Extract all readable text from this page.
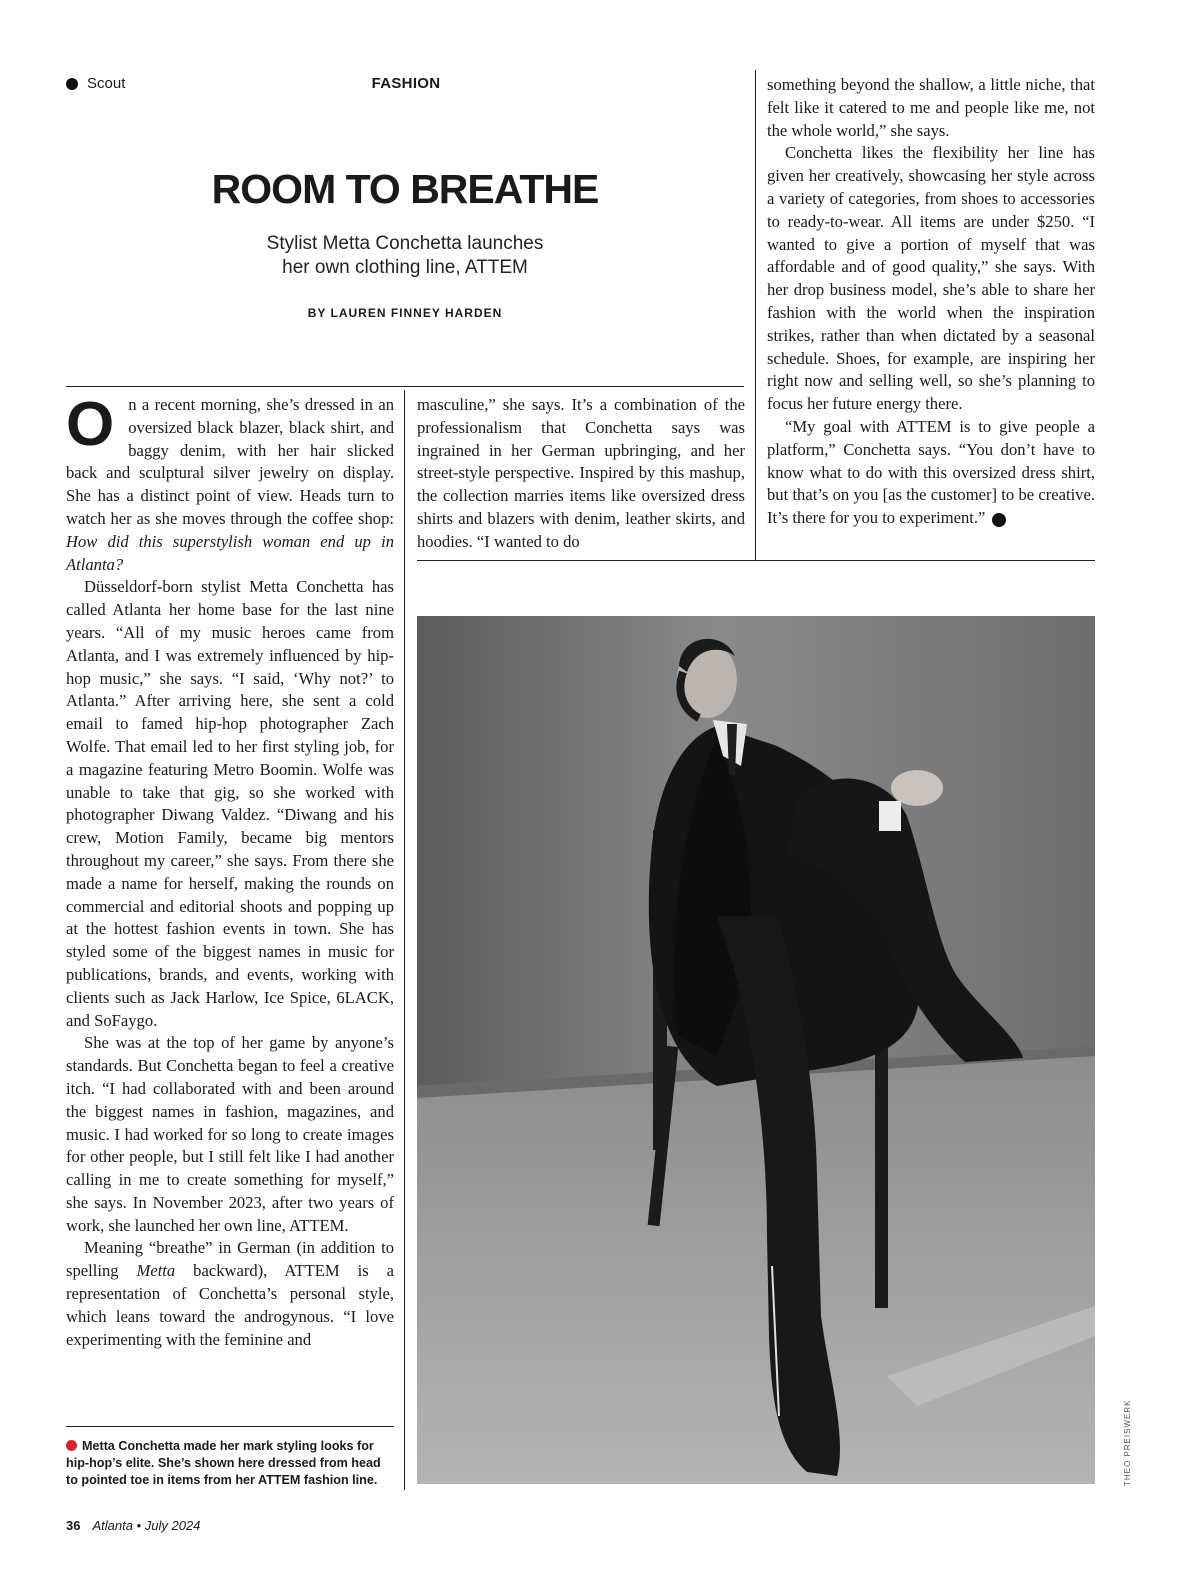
Scout	FASHION
ROOM TO BREATHE
Stylist Metta Conchetta launches
her own clothing line, ATTEM
BY LAUREN FINNEY HARDEN

On a recent morning, she’s dressed in an oversized black blazer, black shirt, and baggy denim, with her hair slicked back and sculptural silver jewelry on display. She has a distinct point of view. Heads turn to watch her as she moves through the coffee shop: How did this superstylish woman end up in Atlanta?

Düsseldorf-born stylist Metta Conchetta has called Atlanta her home base for the last nine years. “All of my music heroes came from Atlanta, and I was extremely influenced by hip-hop music,” she says. “I said, ‘Why not?’ to Atlanta.” After arriving here, she sent a cold email to famed hip-hop photographer Zach Wolfe. That email led to her first styling job, for a magazine featuring Metro Boomin. Wolfe was unable to take that gig, so she worked with photographer Diwang Valdez. “Diwang and his crew, Motion Family, became big mentors throughout my career,” she says. From there she made a name for herself, making the rounds on commercial and editorial shoots and popping up at the hottest fashion events in town. She has styled some of the biggest names in music for publications, brands, and events, working with clients such as Jack Harlow, Ice Spice, 6LACK, and SoFaygo.

She was at the top of her game by anyone’s standards. But Conchetta began to feel a creative itch. “I had collaborated with and been around the biggest names in fashion, magazines, and music. I had worked for so long to create images for other people, but I still felt like I had another calling in me to create something for myself,” she says. In November 2023, after two years of work, she launched her own line, ATTEM.

Meaning “breathe” in German (in addition to spelling Metta backward), ATTEM is a representation of Conchetta’s personal style, which leans toward the androgynous. “I love experimenting with the feminine and

masculine,” she says. It’s a combination of the professionalism that Conchetta says was ingrained in her German upbringing, and her street-style perspective. Inspired by this mashup, the collection marries items like oversized dress shirts and blazers with denim, leather skirts, and hoodies. “I wanted to do

something beyond the shallow, a little niche, that felt like it catered to me and people like me, not the whole world,” she says.

Conchetta likes the flexibility her line has given her creatively, showcasing her style across a variety of categories, from shoes to accessories to ready-to-wear. All items are under $250. “I wanted to give a portion of myself that was affordable and of good quality,” she says. With her drop business model, she’s able to share her fashion with the world when the inspiration strikes, rather than when dictated by a seasonal schedule. Shoes, for example, are inspiring her right now and selling well, so she’s planning to focus her future energy there.

“My goal with ATTEM is to give people a platform,” Conchetta says. “You don’t have to know what to do with this oversized dress shirt, but that’s on you [as the customer] to be creative. It’s there for you to experiment.” A

THEO PREISWERK
Metta Conchetta made her mark styling looks for hip-hop’s elite. She’s shown here dressed from head to pointed toe in items from her ATTEM fashion line.
36 Atlanta • July 2024
